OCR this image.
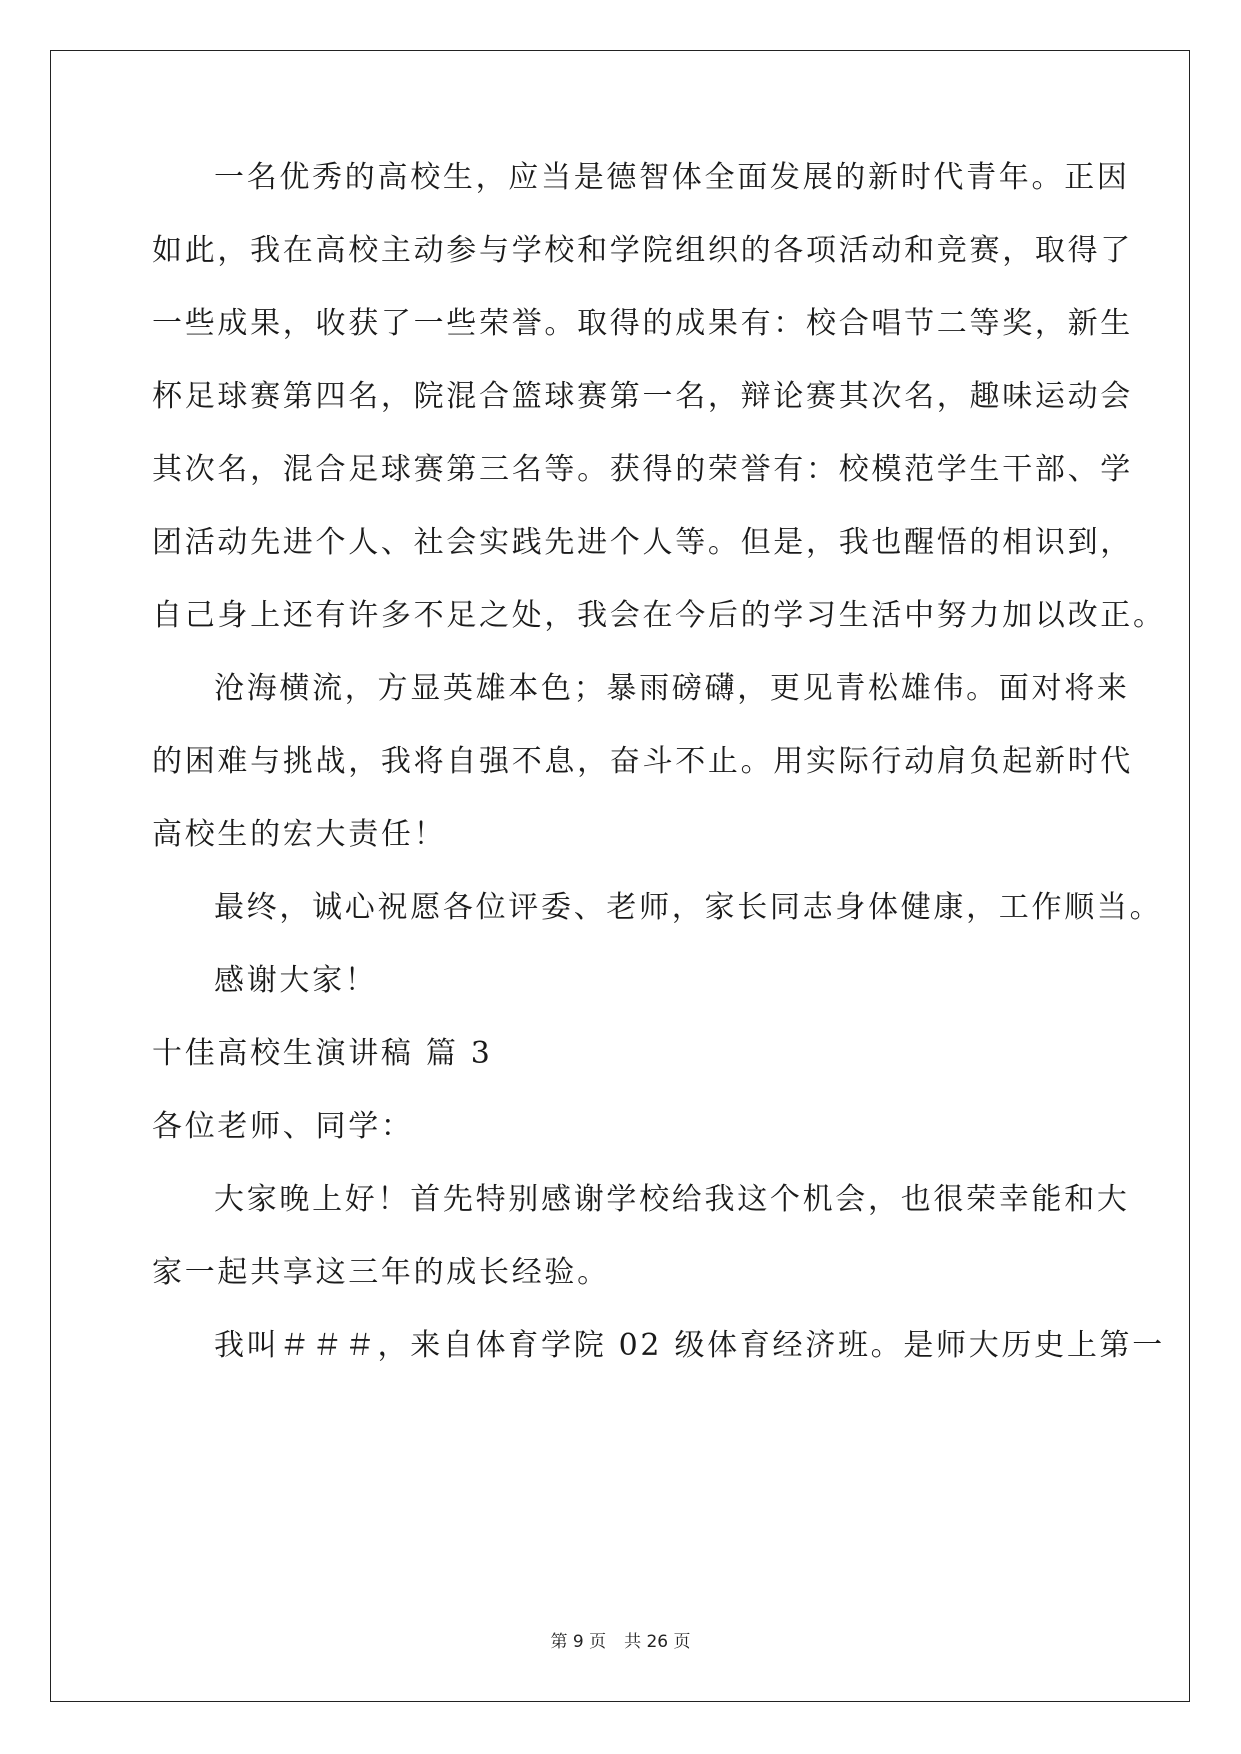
一名优秀的高校生，应当是德智体全面发展的新时代青年。正因
如此，我在高校主动参与学校和学院组织的各项活动和竞赛，取得了
一些成果，收获了一些荣誉。取得的成果有：校合唱节二等奖，新生
杯足球赛第四名，院混合篮球赛第一名，辩论赛其次名，趣味运动会
其次名，混合足球赛第三名等。获得的荣誉有：校模范学生干部、学
团活动先进个人、社会实践先进个人等。但是，我也醒悟的相识到，
自己身上还有许多不足之处，我会在今后的学习生活中努力加以改正。
沧海横流，方显英雄本色；暴雨磅礴，更见青松雄伟。面对将来
的困难与挑战，我将自强不息，奋斗不止。用实际行动肩负起新时代
高校生的宏大责任！
最终，诚心祝愿各位评委、老师，家长同志身体健康，工作顺当。
感谢大家！
十佳高校生演讲稿 篇 3
各位老师、同学：
大家晚上好！首先特别感谢学校给我这个机会，也很荣幸能和大
家一起共享这三年的成长经验。
我叫＃＃＃，来自体育学院 02 级体育经济班。是师大历史上第一
第 9 页 共 26 页
